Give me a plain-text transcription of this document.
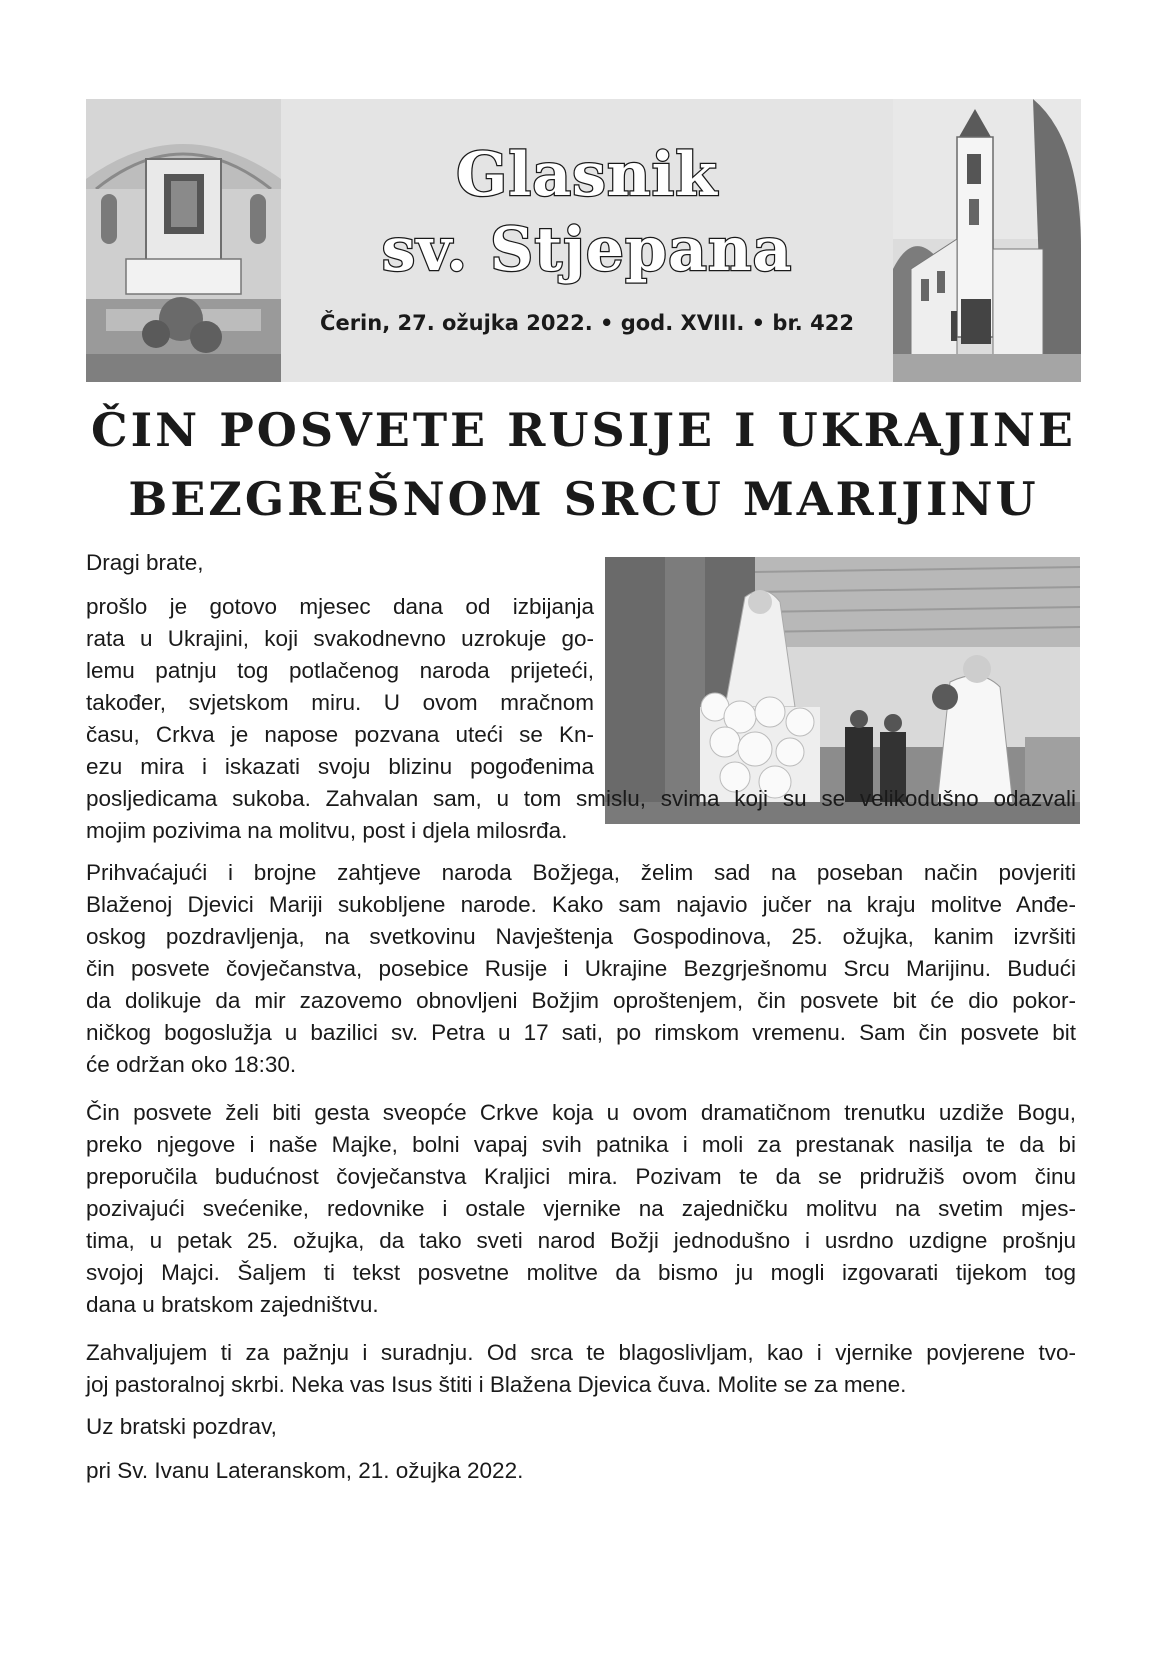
Glasnik
sv. Stjepana
Čerin, 27. ožujka 2022. • god. XVIII. • br. 422
ČIN POSVETE RUSIJE I UKRAJINE
BEZGREŠNOM SRCU MARIJINU
Dragi brate,
prošlo je gotovo mjesec dana od izbijanja
rata u Ukrajini, koji svakodnevno uzrokuje go-
lemu patnju tog potlačenog naroda prijeteći,
također, svjetskom miru. U ovom mračnom
času, Crkva je napose pozvana uteći se Kn-
ezu mira i iskazati svoju blizinu pogođenima
posljedicama sukoba. Zahvalan sam, u tom smislu, svima koji su se velikodušno odazvali
mojim pozivima na molitvu, post i djela milosrđa.
Prihvaćajući i brojne zahtjeve naroda Božjega, želim sad na poseban način povjeriti
Blaženoj Djevici Mariji sukobljene narode. Kako sam najavio jučer na kraju molitve Anđe-
oskog pozdravljenja, na svetkovinu Navještenja Gospodinova, 25. ožujka, kanim izvršiti
čin posvete čovječanstva, posebice Rusije i Ukrajine Bezgrješnomu Srcu Marijinu. Budući
da dolikuje da mir zazovemo obnovljeni Božjim oproštenjem, čin posvete bit će dio pokor-
ničkog bogoslužja u bazilici sv. Petra u 17 sati, po rimskom vremenu. Sam čin posvete bit
će održan oko 18:30.
Čin posvete želi biti gesta sveopće Crkve koja u ovom dramatičnom trenutku uzdiže Bogu,
preko njegove i naše Majke, bolni vapaj svih patnika i moli za prestanak nasilja te da bi
preporučila budućnost čovječanstva Kraljici mira. Pozivam te da se pridružiš ovom činu
pozivajući svećenike, redovnike i ostale vjernike na zajedničku molitvu na svetim mjes-
tima, u petak 25. ožujka, da tako sveti narod Božji jednodušno i usrdno uzdigne prošnju
svojoj Majci. Šaljem ti tekst posvetne molitve da bismo ju mogli izgovarati tijekom tog
dana u bratskom zajedništvu.
Zahvaljujem ti za pažnju i suradnju. Od srca te blagoslivljam, kao i vjernike povjerene tvo-
joj pastoralnoj skrbi. Neka vas Isus štiti i Blažena Djevica čuva. Molite se za mene.
Uz bratski pozdrav,
pri Sv. Ivanu Lateranskom, 21. ožujka 2022.
